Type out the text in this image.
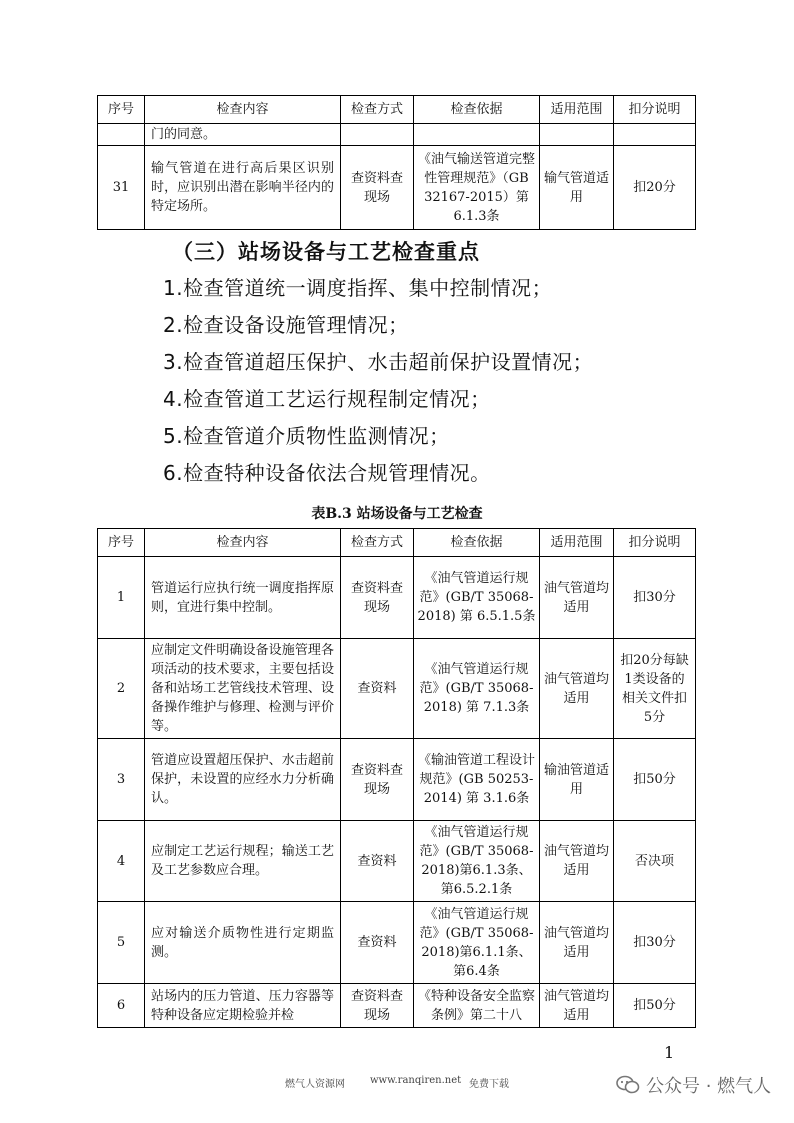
序号	检查内容	检查方式	检查依据	适用范围	扣分说明
	门的同意。				
31	输气管道在进行高后果区识别时，应识别出潜在影响半径内的特定场所。	查资料查现场	《油气输送管道完整性管理规范》（GB 32167-2015）第6.1.3条	输气管道适用	扣20分
（三）站场设备与工艺检查重点
1.检查管道统一调度指挥、集中控制情况；
2.检查设备设施管理情况；
3.检查管道超压保护、水击超前保护设置情况；
4.检查管道工艺运行规程制定情况；
5.检查管道介质物性监测情况；
6.检查特种设备依法合规管理情况。
表B.3 站场设备与工艺检查
序号	检查内容	检查方式	检查依据	适用范围	扣分说明
1	管道运行应执行统一调度指挥原则，宜进行集中控制。	查资料查现场	《油气管道运行规范》(GB/T 35068-2018) 第 6.5.1.5条	油气管道均适用	扣30分
2	应制定文件明确设备设施管理各项活动的技术要求，主要包括设备和站场工艺管线技术管理、设备操作维护与修理、检测与评价等。	查资料	《油气管道运行规范》(GB/T 35068-2018) 第 7.1.3条	油气管道均适用	扣20分每缺1类设备的相关文件扣5分
3	管道应设置超压保护、水击超前保护，未设置的应经水力分析确认。	查资料查现场	《输油管道工程设计规范》(GB 50253-2014) 第 3.1.6条	输油管道适用	扣50分
4	应制定工艺运行规程；输送工艺及工艺参数应合理。	查资料	《油气管道运行规范》(GB/T 35068-2018)第6.1.3条、第6.5.2.1条	油气管道均适用	否决项
5	应对输送介质物性进行定期监测。	查资料	《油气管道运行规范》(GB/T 35068-2018)第6.1.1条、第6.4条	油气管道均适用	扣30分
6	站场内的压力管道、压力容器等特种设备应定期检验并检	查资料查现场	《特种设备安全监察条例》第二十八	油气管道均适用	扣50分
1
燃气人资源网	www.ranqiren.net 免费下载	公众号 · 燃气人
